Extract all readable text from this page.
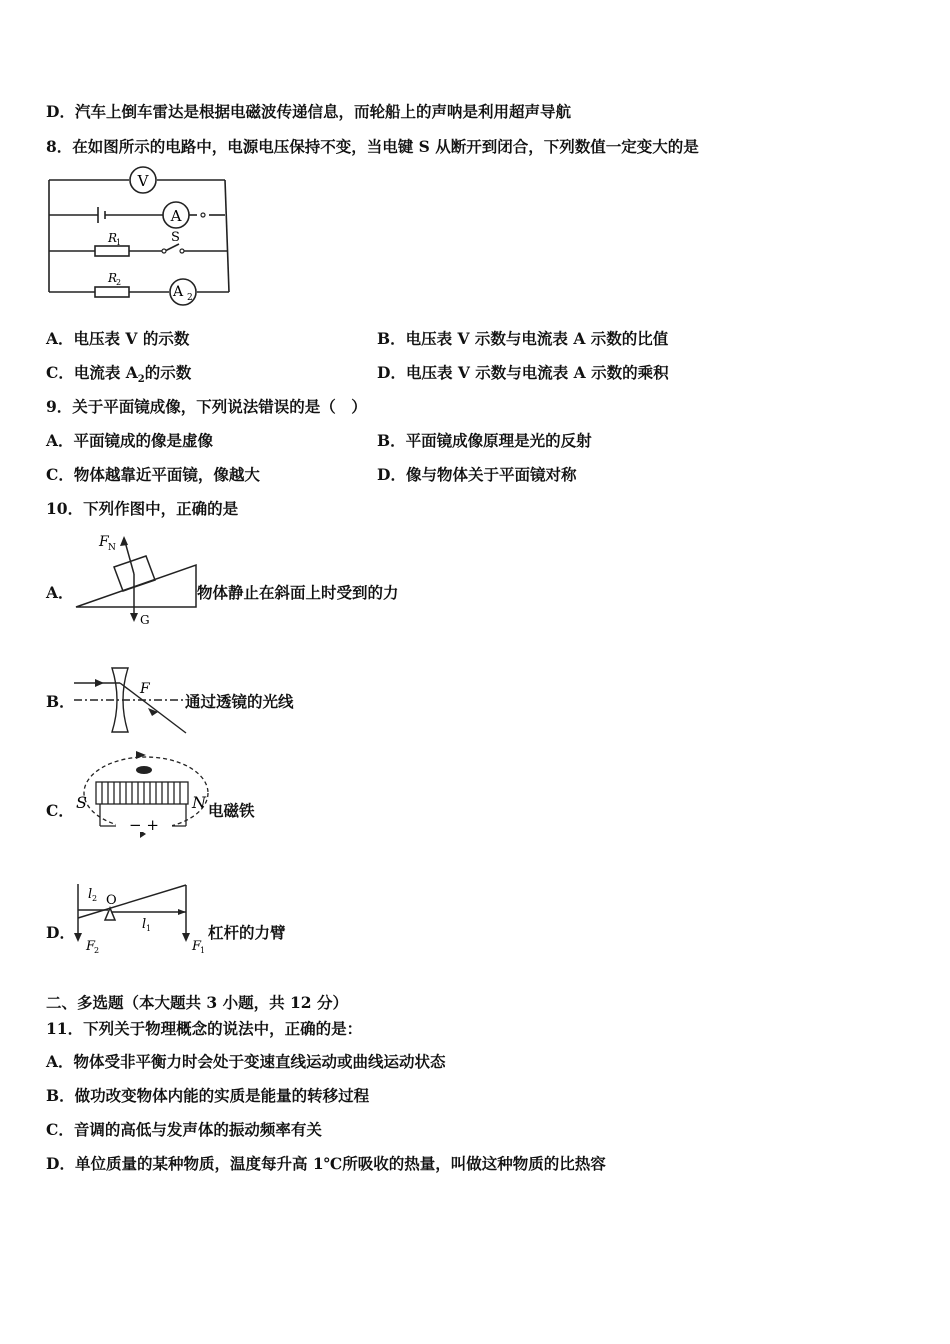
D．汽车上倒车雷达是根据电磁波传递信息，而轮船上的声呐是利用超声导航
8．在如图所示的电路中，电源电压保持不变，当电键 S 从断开到闭合，下列数值一定变大的是
V
A
A 2
S
R
1
R
2
A．电压表 V 的示数	B．电压表 V 示数与电流表 A 示数的比值
C．电流表 $A_2$的示数	D．电压表 V 示数与电流表 A 示数的乘积
9．关于平面镜成像，下列说法错误的是（　）
A．平面镜成的像是虚像	B．平面镜成像原理是光的反射
C．物体越靠近平面镜，像越大	D．像与物体关于平面镜对称
10．下列作图中，正确的是
A．
F N
G
物体静止在斜面上时受到的力
B．
F
通过透镜的光线
C． S	N
− +
电磁铁
D．
l 2 O
l 1
F
2	F
1
杠杆的力臂
二、多选题（本大题共 3 小题，共 12 分）
11．下列关于物理概念的说法中，正确的是：
A．物体受非平衡力时会处于变速直线运动或曲线运动状态
B．做功改变物体内能的实质是能量的转移过程
C．音调的高低与发声体的振动频率有关
D．单位质量的某种物质，温度每升高 1℃所吸收的热量，叫做这种物质的比热容
